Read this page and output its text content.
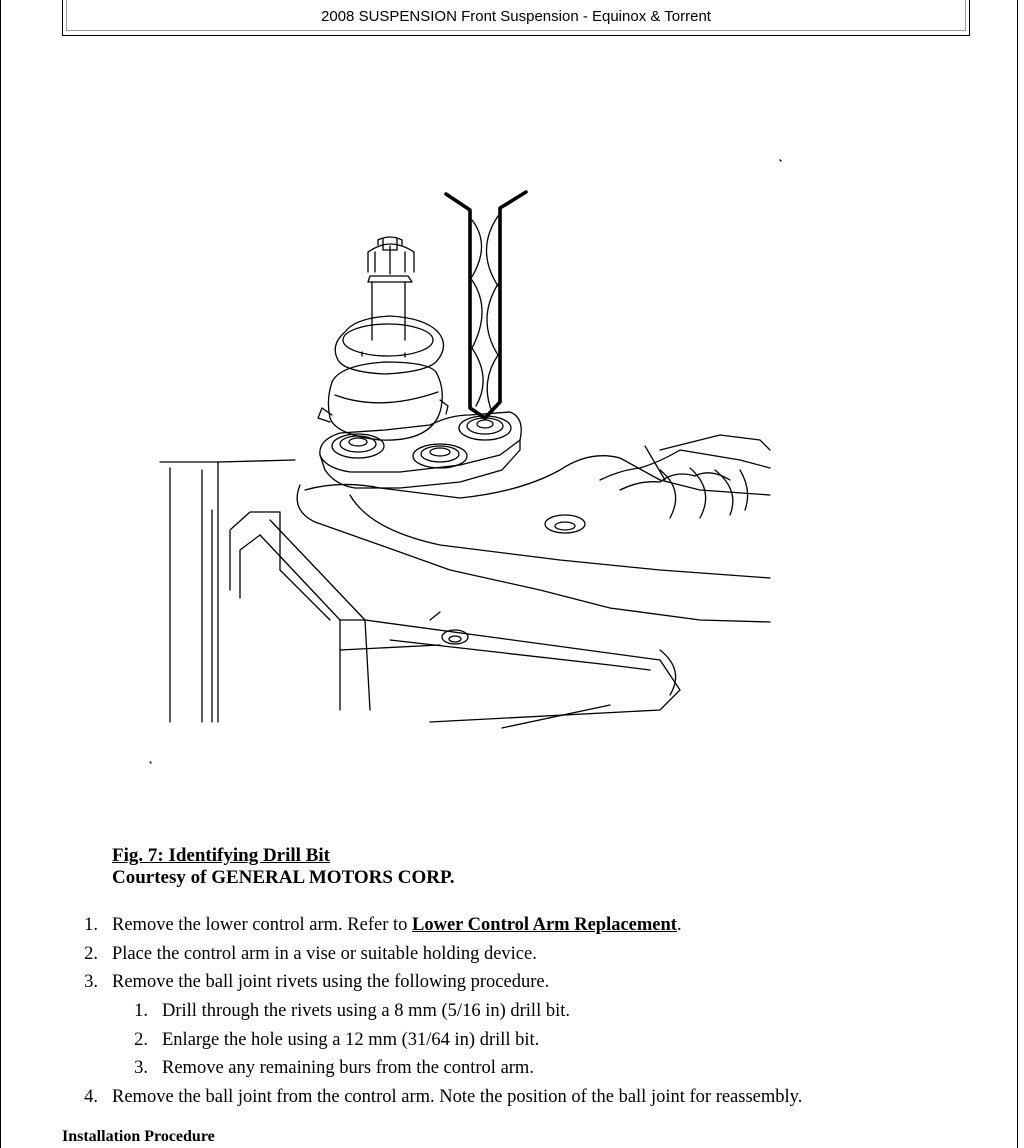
2008 SUSPENSION Front Suspension - Equinox & Torrent
Fig. 7: Identifying Drill Bit
Courtesy of GENERAL MOTORS CORP.
1. Remove the lower control arm. Refer to Lower Control Arm Replacement.
2. Place the control arm in a vise or suitable holding device.
3. Remove the ball joint rivets using the following procedure.
1. Drill through the rivets using a 8 mm (5/16 in) drill bit.
2. Enlarge the hole using a 12 mm (31/64 in) drill bit.
3. Remove any remaining burs from the control arm.
4. Remove the ball joint from the control arm. Note the position of the ball joint for reassembly.
Installation Procedure
